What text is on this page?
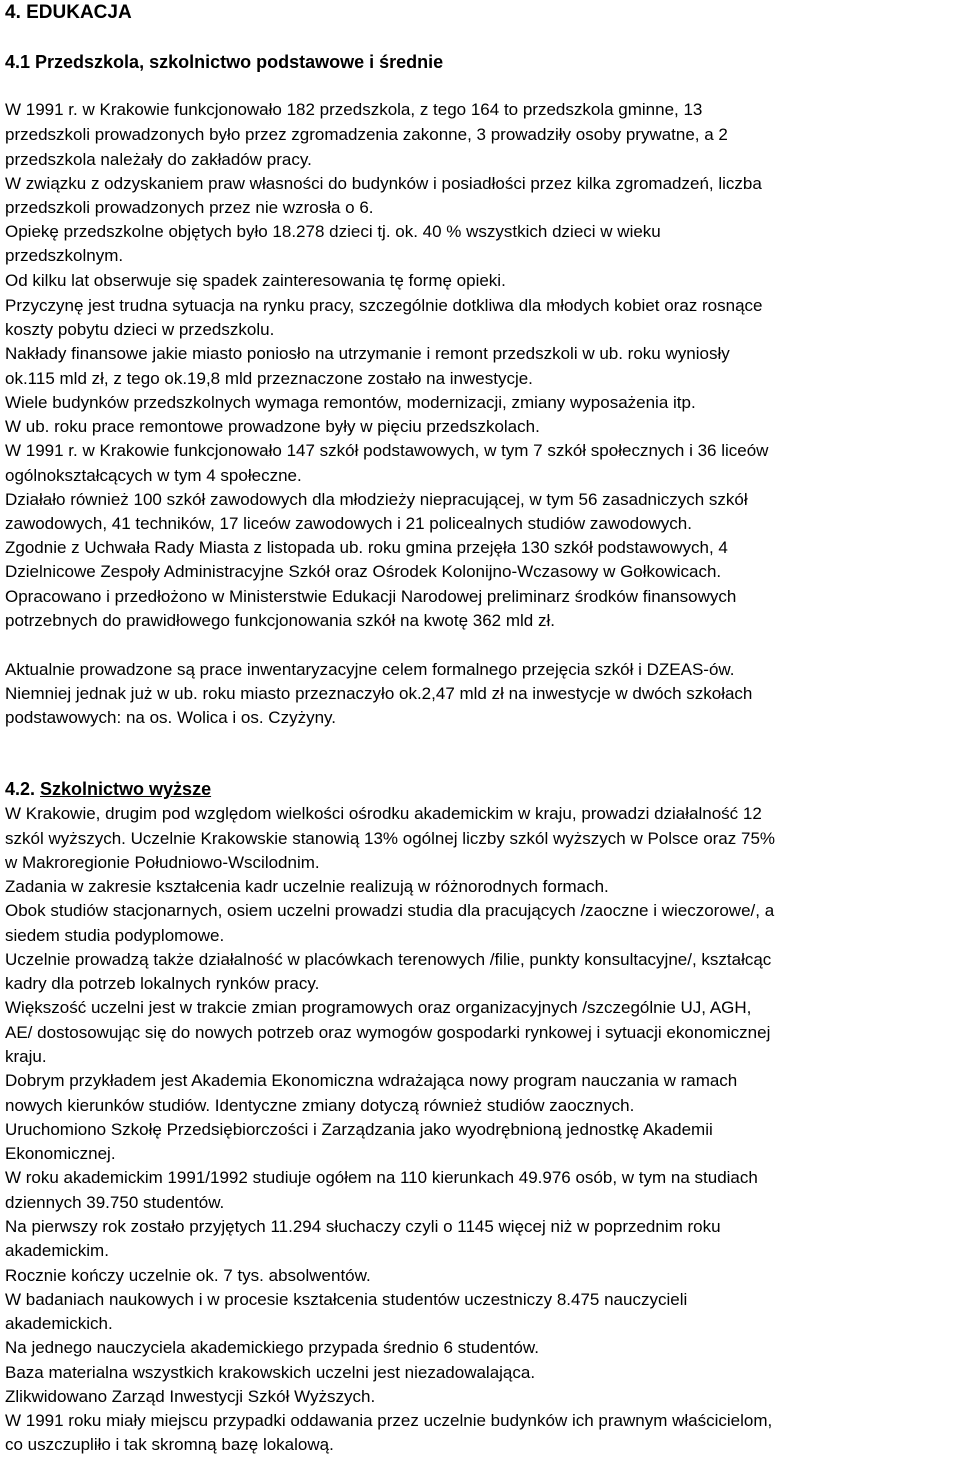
4. EDUKACJA
4.1 Przedszkola, szkolnictwo podstawowe i średnie
W 1991 r. w Krakowie funkcjonowało 182 przedszkola, z tego 164 to przedszkola gminne, 13
przedszkoli prowadzonych było przez zgromadzenia zakonne, 3 prowadziły osoby prywatne, a 2
przedszkola należały do zakładów pracy.
W związku z odzyskaniem praw własności do budynków i posiadłości przez kilka zgromadzeń, liczba
przedszkoli prowadzonych przez nie wzrosła o 6.
Opiekę przedszkolne objętych było 18.278 dzieci tj. ok. 40 % wszystkich dzieci w wieku
przedszkolnym.
Od kilku lat obserwuje się spadek zainteresowania tę formę opieki.
Przyczynę jest trudna sytuacja na rynku pracy, szczególnie dotkliwa dla młodych kobiet oraz rosnące
koszty pobytu dzieci w przedszkolu.
Nakłady finansowe jakie miasto poniosło na utrzymanie i remont przedszkoli w ub. roku wyniosły
ok.115 mld zł, z tego ok.19,8 mld przeznaczone zostało na inwestycje.
Wiele budynków przedszkolnych wymaga remontów, modernizacji, zmiany wyposażenia itp.
W ub. roku prace remontowe prowadzone były w pięciu przedszkolach.
W 1991 r. w Krakowie funkcjonowało 147 szkół podstawowych, w tym 7 szkół społecznych i 36 liceów
ogólnokształcących w tym 4 społeczne.
Działało również 100 szkół zawodowych dla młodzieży niepracującej, w tym 56 zasadniczych szkół
zawodowych, 41 techników, 17 liceów zawodowych i 21 policealnych studiów zawodowych.
Zgodnie z Uchwała Rady Miasta z listopada ub. roku gmina przejęła 130 szkół podstawowych, 4
Dzielnicowe Zespoły Administracyjne Szkół oraz Ośrodek Kolonijno-Wczasowy w Gołkowicach.
Opracowano i przedłożono w Ministerstwie Edukacji Narodowej preliminarz środków finansowych
potrzebnych do prawidłowego funkcjonowania szkół na kwotę 362 mld zł.
Aktualnie prowadzone są prace inwentaryzacyjne celem formalnego przejęcia szkół i DZEAS-ów.
Niemniej jednak już w ub. roku miasto przeznaczyło ok.2,47 mld zł na inwestycje w dwóch szkołach
podstawowych: na os. Wolica i os. Czyżyny.
4.2. Szkolnictwo wyższe
W Krakowie, drugim pod względom wielkości ośrodku akademickim w kraju, prowadzi działalność 12
szkól wyższych. Uczelnie Krakowskie stanowią 13% ogólnej liczby szkól wyższych w Polsce oraz 75%
w Makroregionie Południowo-Wscilodnim.
Zadania w zakresie kształcenia kadr uczelnie realizują w różnorodnych formach.
Obok studiów stacjonarnych, osiem uczelni prowadzi studia dla pracujących /zaoczne i wieczorowe/, a
siedem studia podyplomowe.
Uczelnie prowadzą także działalność w placówkach terenowych /filie, punkty konsultacyjne/, kształcąc
kadry dla potrzeb lokalnych rynków pracy.
Większość uczelni jest w trakcie zmian programowych oraz organizacyjnych /szczególnie UJ, AGH,
AE/ dostosowując się do nowych potrzeb oraz wymogów gospodarki rynkowej i sytuacji ekonomicznej
kraju.
Dobrym przykładem jest Akademia Ekonomiczna wdrażająca nowy program nauczania w ramach
nowych kierunków studiów. Identyczne zmiany dotyczą również studiów zaocznych.
Uruchomiono Szkołę Przedsiębiorczości i Zarządzania jako wyodrębnioną jednostkę Akademii
Ekonomicznej.
W roku akademickim 1991/1992 studiuje ogółem na 110 kierunkach 49.976 osób, w tym na studiach
dziennych 39.750 studentów.
Na pierwszy rok zostało przyjętych 11.294 słuchaczy czyli o 1145 więcej niż w poprzednim roku
akademickim.
Rocznie kończy uczelnie ok. 7 tys. absolwentów.
W badaniach naukowych i w procesie kształcenia studentów uczestniczy 8.475 nauczycieli
akademickich.
Na jednego nauczyciela akademickiego przypada średnio 6 studentów.
Baza materialna wszystkich krakowskich uczelni jest niezadowalająca.
Zlikwidowano Zarząd Inwestycji Szkół Wyższych.
W 1991 roku miały miejscu przypadki oddawania przez uczelnie budynków ich prawnym właścicielom,
co uszczupliło i tak skromną bazę lokalową.
